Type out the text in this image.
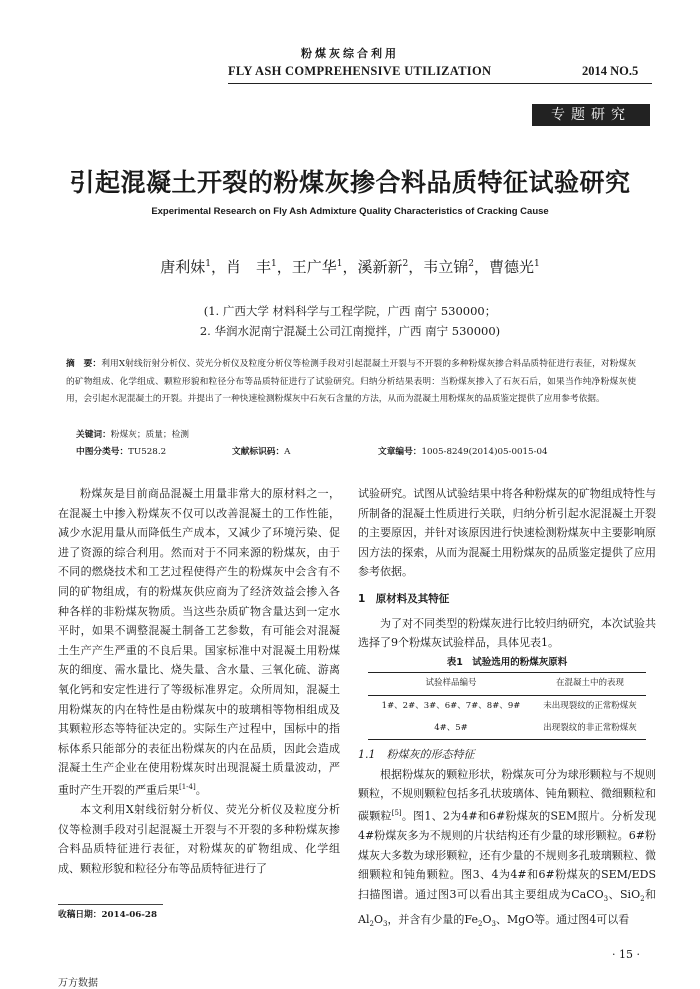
粉煤灰综合利用
FLY ASH COMPREHENSIVE UTILIZATION	2014 NO.5
专题研究
引起混凝土开裂的粉煤灰掺合料品质特征试验研究
Experimental Research on Fly Ash Admixture Quality Characteristics of Cracking Cause
唐利妹$^1$，肖　丰$^1$，王广华$^1$，溪新新$^2$，韦立锦$^2$，曹德光$^1$
(1. 广西大学 材料科学与工程学院，广西 南宁 530000；
2. 华润水泥南宁混凝土公司江南搅拌，广西 南宁 530000)
摘　要：利用X射线衍射分析仪、荧光分析仪及粒度分析仪等检测手段对引起混凝土开裂与不开裂的多种粉煤灰掺合料品质特征进行表征，对粉煤灰的矿物组成、化学组成、颗粒形貌和粒径分布等品质特征进行了试验研究。归纳分析结果表明：当粉煤灰掺入了石灰石后，如果当作纯净粉煤灰使用，会引起水泥混凝土的开裂。并提出了一种快速检测粉煤灰中石灰石含量的方法，从而为混凝土用粉煤灰的品质鉴定提供了应用参考依据。
关键词：粉煤灰；质量；检测
中图分类号：TU528.2	文献标识码：A	文章编号：1005-8249(2014)05-0015-04

粉煤灰是目前商品混凝土用量非常大的原材料之一，在混凝土中掺入粉煤灰不仅可以改善混凝土的工作性能，减少水泥用量从而降低生产成本，又减少了环境污染、促进了资源的综合利用。然而对于不同来源的粉煤灰，由于不同的燃烧技术和工艺过程使得产生的粉煤灰中会含有不同的矿物组成，有的粉煤灰供应商为了经济效益会掺入各种各样的非粉煤灰物质。当这些杂质矿物含量达到一定水平时，如果不调整混凝土制备工艺参数，有可能会对混凝土生产产生严重的不良后果。国家标准中对混凝土用粉煤灰的细度、需水量比、烧失量、含水量、三氧化硫、游离氧化钙和安定性进行了等级标准界定。众所周知，混凝土用粉煤灰的内在特性是由粉煤灰中的玻璃相等物相组成及其颗粒形态等特征决定的。实际生产过程中，国标中的指标体系只能部分的表征出粉煤灰的内在品质，因此会造成混凝土生产企业在使用粉煤灰时出现混凝土质量波动，严重时产生开裂的严重后果[1-4]。

本文利用X射线衍射分析仪、荧光分析仪及粒度分析仪等检测手段对引起混凝土开裂与不开裂的多种粉煤灰掺合料品质特征进行表征，对粉煤灰的矿物组成、化学组成、颗粒形貌和粒径分布等品质特征进行了

试验研究。试图从试验结果中将各种粉煤灰的矿物组成特性与所制备的混凝土性质进行关联，归纳分析引起水泥混凝土开裂的主要原因，并针对该原因进行快速检测粉煤灰中主要影响原因方法的探索，从而为混凝土用粉煤灰的品质鉴定提供了应用参考依据。

1　原材料及其特征

为了对不同类型的粉煤灰进行比较归纳研究，本次试验共选择了9个粉煤灰试验样品，具体见表1。

表1　试验选用的粉煤灰原料
试验样品编号	在混凝土中的表现
1#、2#、3#、6#、7#、8#、9#	未出现裂纹的正常粉煤灰
4#、5#	出现裂纹的非正常粉煤灰

1.1　粉煤灰的形态特征

根据粉煤灰的颗粒形状，粉煤灰可分为球形颗粒与不规则颗粒，不规则颗粒包括多孔状玻璃体、钝角颗粒、微细颗粒和碳颗粒[5]。图1、2为4#和6#粉煤灰的SEM照片。分析发现4#粉煤灰多为不规则的片状结构还有少量的球形颗粒。6#粉煤灰大多数为球形颗粒，还有少量的不规则多孔玻璃颗粒、微细颗粒和钝角颗粒。图3、4为4#和6#粉煤灰的SEM/EDS扫描图谱。通过图3可以看出其主要组成为CaCO$_3$、SiO$_2$和$Al_2O_3$，并含有少量的$Fe_2O_3$、MgO等。通过图4可以看

收稿日期：2014-06-28
· 15 ·
万方数据
